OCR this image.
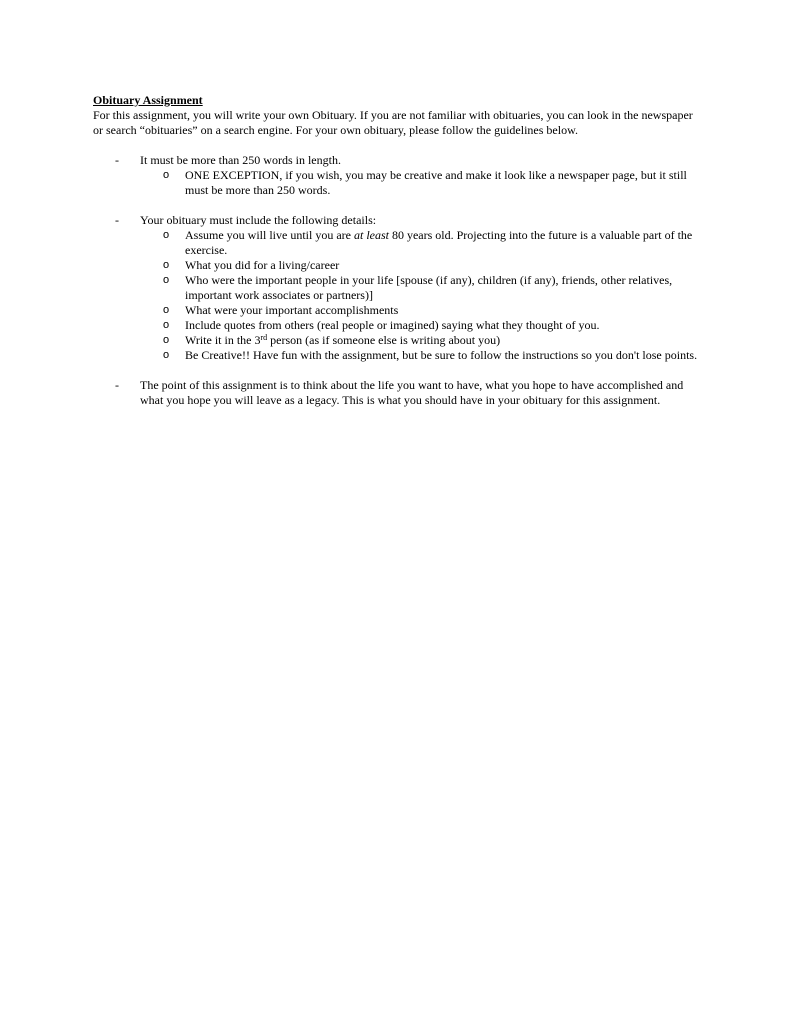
Obituary Assignment

For this assignment, you will write your own Obituary. If you are not familiar with obituaries, you can look in the newspaper or search “obituaries” on a search engine. For your own obituary, please follow the guidelines below.

- It must be more than 250 words in length.
o ONE EXCEPTION, if you wish, you may be creative and make it look like a newspaper page, but it still must be more than 250 words.
- Your obituary must include the following details:
o Assume you will live until you are at least 80 years old. Projecting into the future is a valuable part of the exercise.
o What you did for a living/career
o Who were the important people in your life [spouse (if any), children (if any), friends, other relatives, important work associates or partners)]
o What were your important accomplishments
o Include quotes from others (real people or imagined) saying what they thought of you.
o Write it in the 3rd person (as if someone else is writing about you)
o Be Creative!! Have fun with the assignment, but be sure to follow the instructions so you don't lose points.
- The point of this assignment is to think about the life you want to have, what you hope to have accomplished and what you hope you will leave as a legacy. This is what you should have in your obituary for this assignment.
